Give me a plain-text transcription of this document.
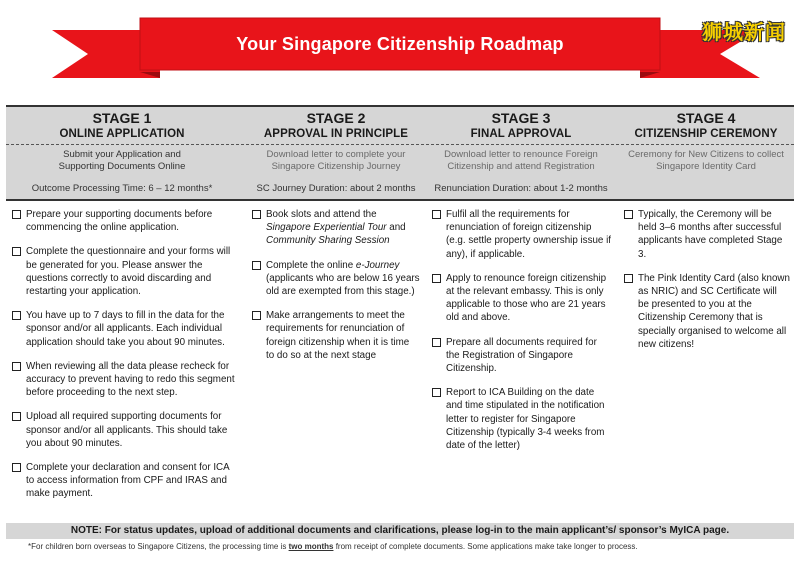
Your Singapore Citizenship Roadmap	狮城新闻
STAGE 1
ONLINE APPLICATION
Submit your Application and Supporting Documents Online
Outcome Processing Time: 6 – 12 months*
STAGE 2
APPROVAL IN PRINCIPLE
Download letter to complete your Singapore Citizenship Journey
SC Journey Duration: about 2 months
STAGE 3
FINAL APPROVAL
Download letter to renounce Foreign Citizenship and attend Registration
Renunciation Duration: about 1-2 months
STAGE 4
CITIZENSHIP CEREMONY
Ceremony for New Citizens to collect Singapore Identity Card
Prepare your supporting documents before commencing the online application.
Complete the questionnaire and your forms will be generated for you. Please answer the questions correctly to avoid discarding and restarting your application.
You have up to 7 days to fill in the data for the sponsor and/or all applicants. Each individual application should take you about 90 minutes.
When reviewing all the data please recheck for accuracy to prevent having to redo this segment before proceeding to the next step.
Upload all required supporting documents for sponsor and/or all applicants. This should take you about 90 minutes.
Complete your declaration and consent for ICA to access information from CPF and IRAS and make payment.
Book slots and attend the Singapore Experiential Tour and Community Sharing Session
Complete the online e-Journey (applicants who are below 16 years old are exempted from this stage.)
Make arrangements to meet the requirements for renunciation of foreign citizenship when it is time to do so at the next stage
Fulfil all the requirements for renunciation of foreign citizenship (e.g. settle property ownership issue if any), if applicable.
Apply to renounce foreign citizenship at the relevant embassy. This is only applicable to those who are 21 years old and above.
Prepare all documents required for the Registration of Singapore Citizenship.
Report to ICA Building on the date and time stipulated in the notification letter to register for Singapore Citizenship (typically 3-4 weeks from date of the letter)
Typically, the Ceremony will be held 3–6 months after successful applicants have completed Stage 3.
The Pink Identity Card (also known as NRIC) and SC Certificate will be presented to you at the Citizenship Ceremony that is specially organised to welcome all new citizens!
NOTE: For status updates, upload of additional documents and clarifications, please log-in to the main applicant’s/ sponsor’s MyICA page.
*For children born overseas to Singapore Citizens, the processing time is two months from receipt of complete documents. Some applications make take longer to process.
